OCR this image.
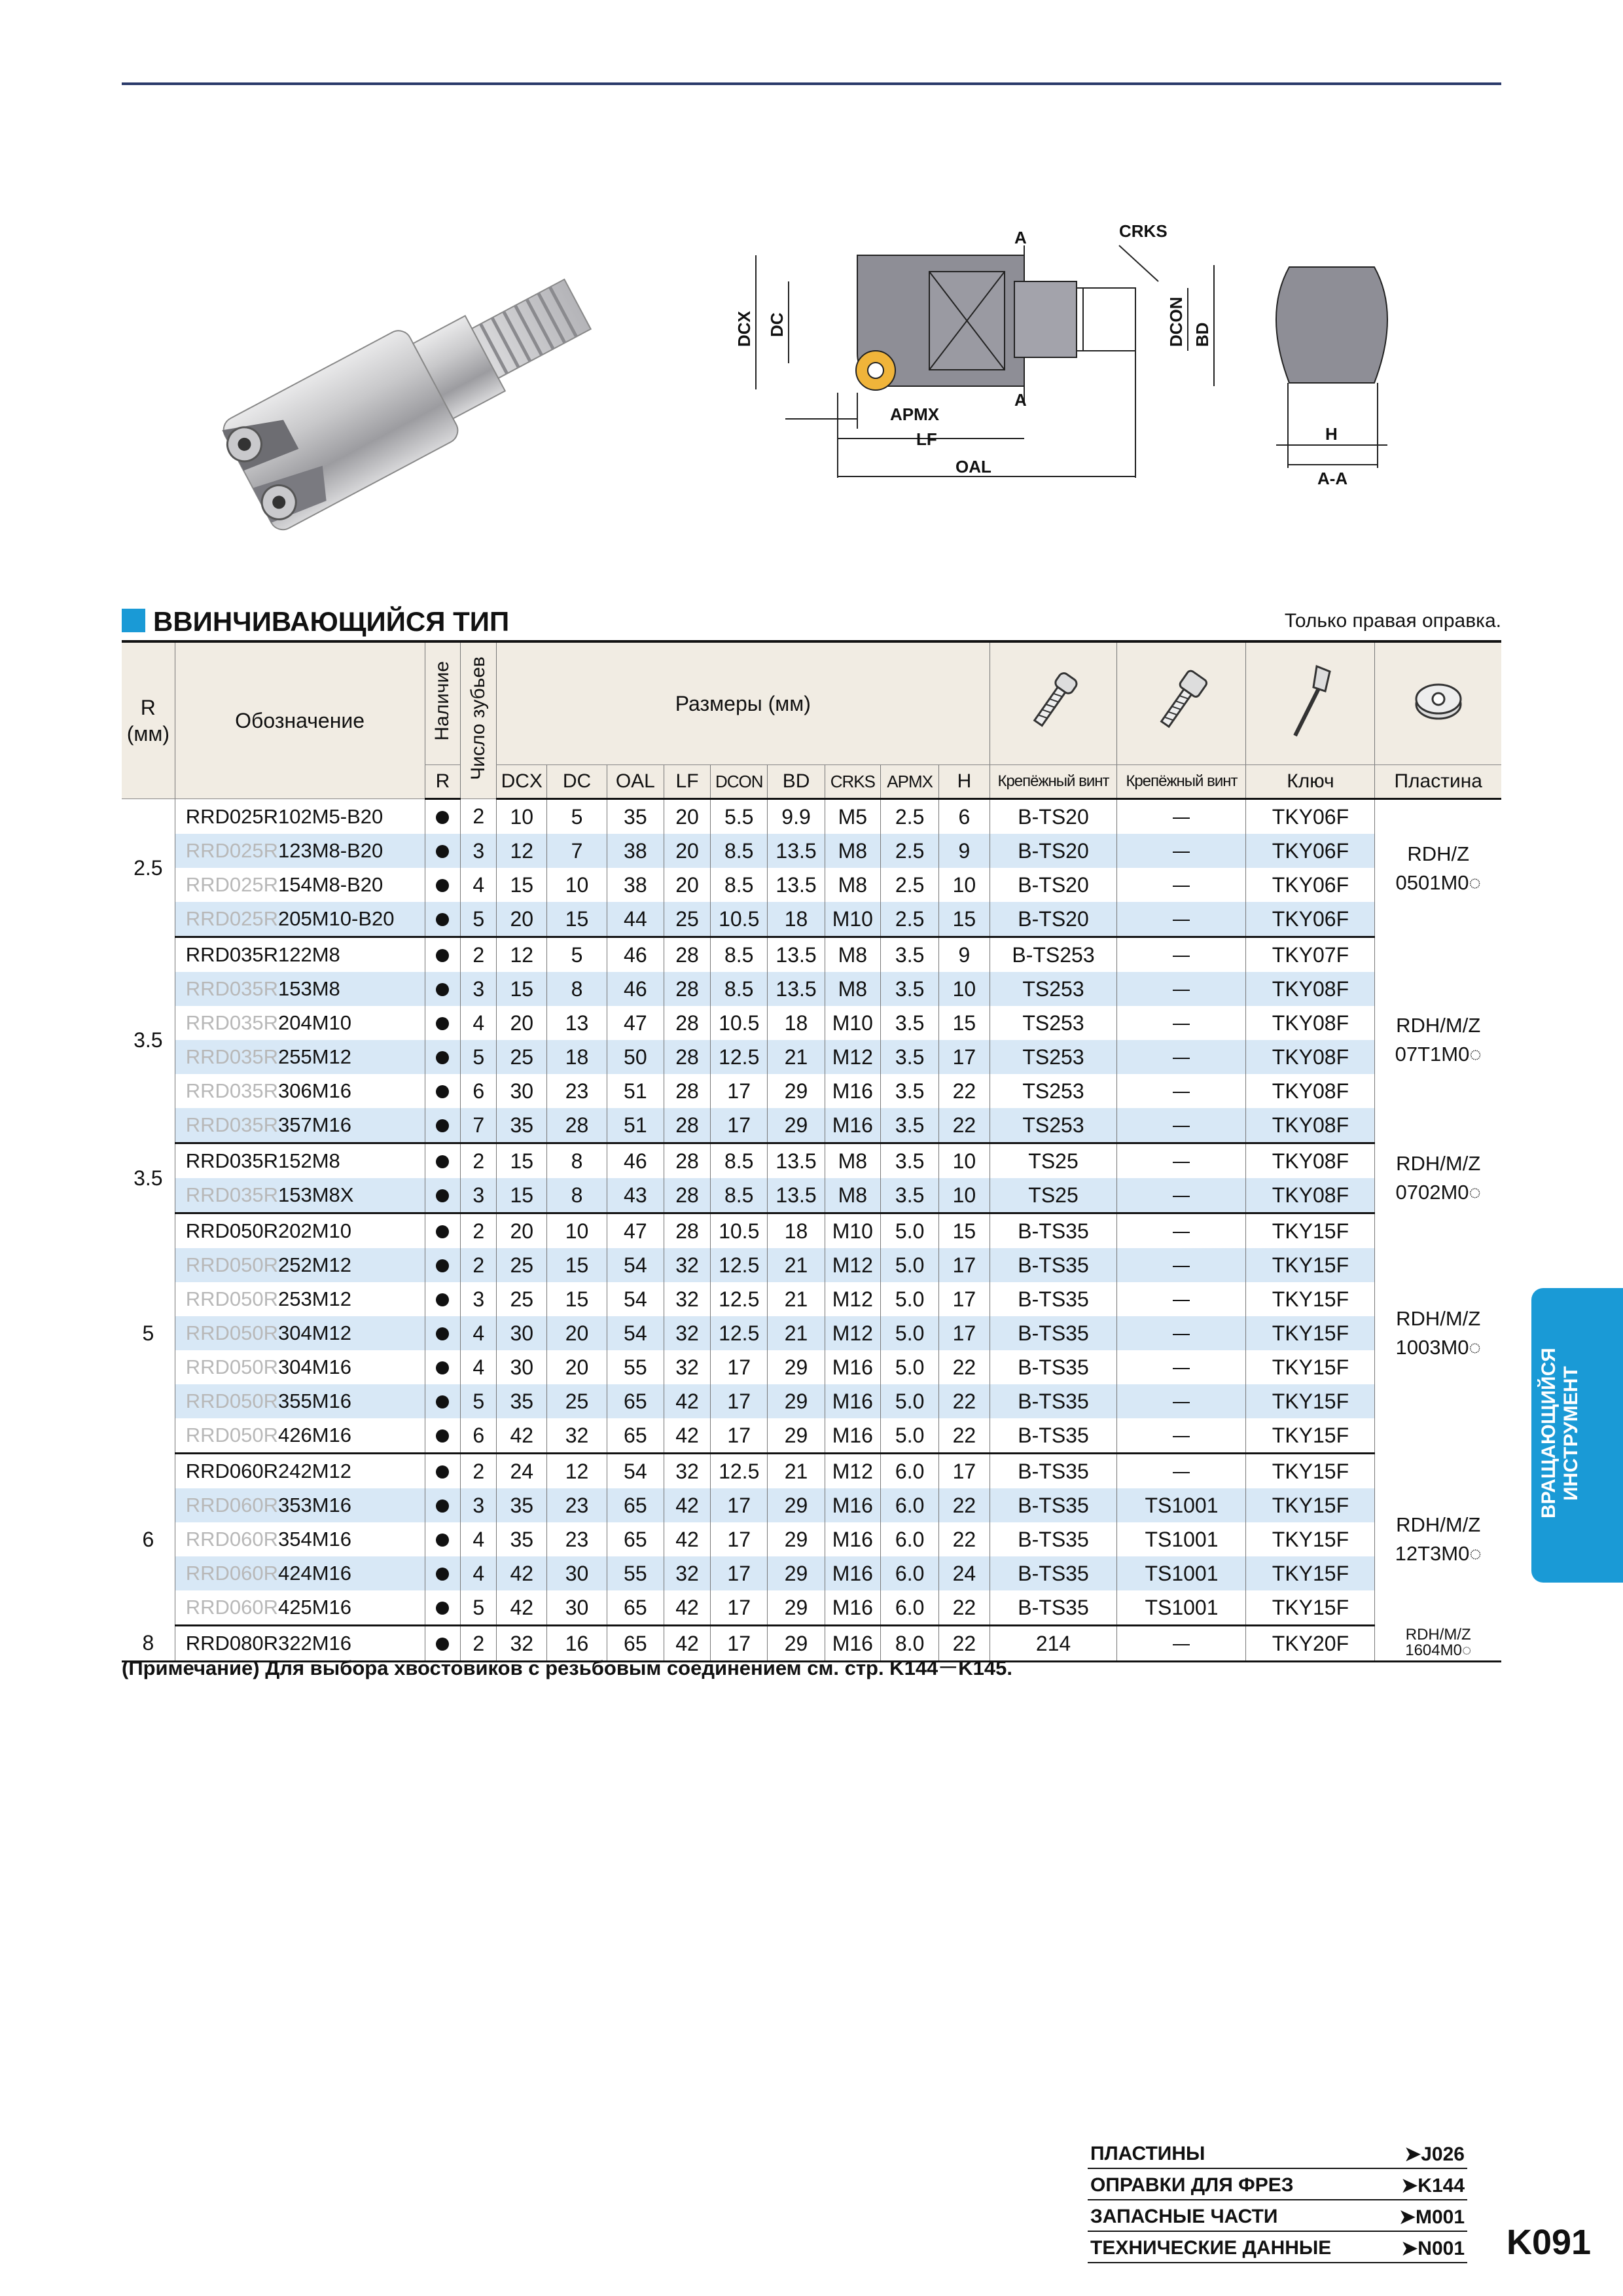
DCX DC
A	CRKS
DCON BD
A
APMX
LF
OAL
H
A-A
ВВИНЧИВАЮЩИЙСЯ ТИП	Только правая оправка.
R
(мм)	Обозначение	Наличие	Число зубьев	Размеры (мм)				
		R		DCX	DC	OAL	LF	DCON	BD	CRKS	APMX	H	Крепёжный винт	Крепёжный винт	Ключ	Пластина
2.5	RRD025R102M5-B20		2	10	5	35	20	5.5	9.9	M5	2.5	6	B-TS20		TKY06F	RDH/Z
0501M0◌

	RRD025R123M8-B20		3	12	7	38	20	8.5	13.5	M8	2.5	9	B-TS20		TKY06F	
	RRD025R154M8-B20		4	15	10	38	20	8.5	13.5	M8	2.5	10	B-TS20		TKY06F	
	RRD025R205M10-B20		5	20	15	44	25	10.5	18	M10	2.5	15	B-TS20		TKY06F	
3.5	RRD035R122M8		2	12	5	46	28	8.5	13.5	M8	3.5	9	B-TS253		TKY07F	RDH/M/Z
07T1M0◌

	RRD035R153M8		3	15	8	46	28	8.5	13.5	M8	3.5	10	TS253		TKY08F	
	RRD035R204M10		4	20	13	47	28	10.5	18	M10	3.5	15	TS253		TKY08F	
	RRD035R255M12		5	25	18	50	28	12.5	21	M12	3.5	17	TS253		TKY08F	
	RRD035R306M16		6	30	23	51	28	17	29	M16	3.5	22	TS253		TKY08F	
	RRD035R357M16		7	35	28	51	28	17	29	M16	3.5	22	TS253		TKY08F	
3.5	RRD035R152M8		2	15	8	46	28	8.5	13.5	M8	3.5	10	TS25		TKY08F	RDH/M/Z
0702M0◌

	RRD035R153M8X		3	15	8	43	28	8.5	13.5	M8	3.5	10	TS25		TKY08F	
5	RRD050R202M10		2	20	10	47	28	10.5	18	M10	5.0	15	B-TS35		TKY15F	RDH/M/Z
1003M0◌

	RRD050R252M12		2	25	15	54	32	12.5	21	M12	5.0	17	B-TS35		TKY15F	
	RRD050R253M12		3	25	15	54	32	12.5	21	M12	5.0	17	B-TS35		TKY15F	
	RRD050R304M12		4	30	20	54	32	12.5	21	M12	5.0	17	B-TS35		TKY15F	
	RRD050R304M16		4	30	20	55	32	17	29	M16	5.0	22	B-TS35		TKY15F	
	RRD050R355M16		5	35	25	65	42	17	29	M16	5.0	22	B-TS35		TKY15F	
	RRD050R426M16		6	42	32	65	42	17	29	M16	5.0	22	B-TS35		TKY15F	
6	RRD060R242M12		2	24	12	54	32	12.5	21	M12	6.0	17	B-TS35		TKY15F	RDH/M/Z
12T3M0◌

	RRD060R353M16		3	35	23	65	42	17	29	M16	6.0	22	B-TS35	TS1001	TKY15F	
	RRD060R354M16		4	35	23	65	42	17	29	M16	6.0	22	B-TS35	TS1001	TKY15F	
	RRD060R424M16		4	42	30	55	32	17	29	M16	6.0	24	B-TS35	TS1001	TKY15F	
	RRD060R425M16		5	42	30	65	42	17	29	M16	6.0	22	B-TS35	TS1001	TKY15F	
8	RRD080R322M16		2	32	16	65	42	17	29	M16	8.0	22	214		TKY20F	RDH/M/Z
1604M0◌
(Примечание) Для выбора хвостовиков с резьбовым соединением см. стр. K144－K145.
ВРАЩАЮЩИЙСЯ ИНСТРУМЕНТ
ПЛАСТИНЫ	➤J026
ОПРАВКИ ДЛЯ ФРЕЗ	➤K144
ЗАПАСНЫЕ ЧАСТИ	➤M001
ТЕХНИЧЕСКИЕ ДАННЫЕ	➤N001 K091
